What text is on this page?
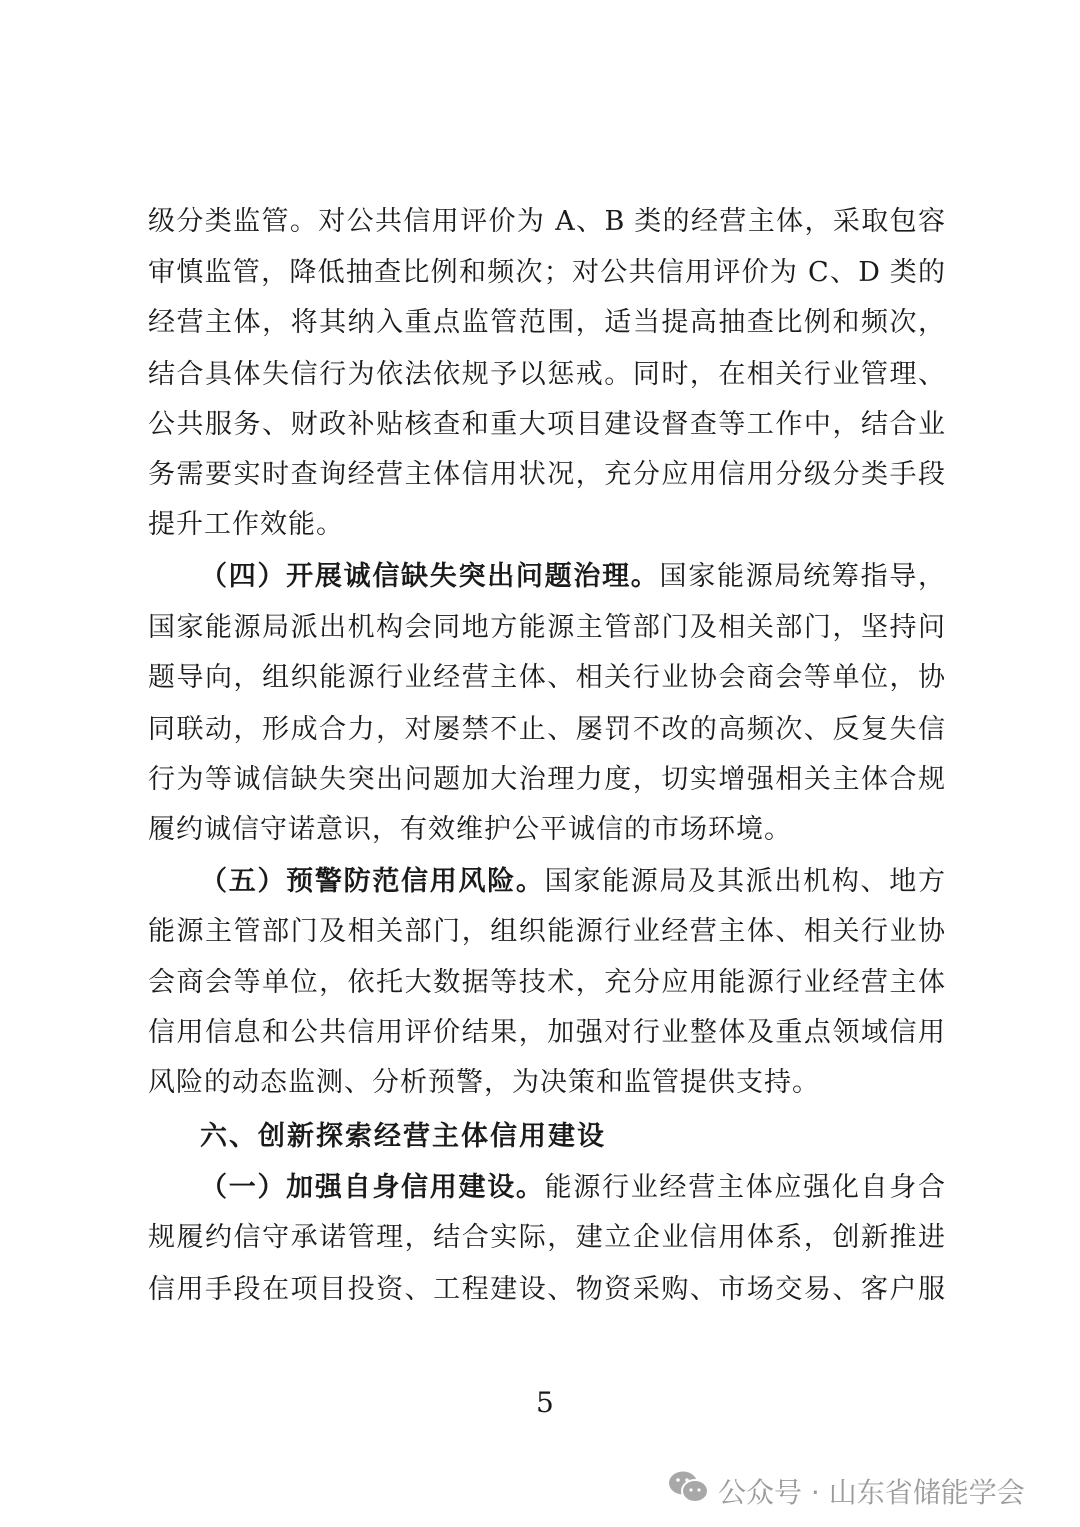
级分类监管。对公共信用评价为 A、B 类的经营主体，采取包容
审慎监管，降低抽查比例和频次；对公共信用评价为 C、D 类的
经营主体，将其纳入重点监管范围，适当提高抽查比例和频次，
结合具体失信行为依法依规予以惩戒。同时，在相关行业管理、
公共服务、财政补贴核查和重大项目建设督查等工作中，结合业
务需要实时查询经营主体信用状况，充分应用信用分级分类手段
提升工作效能。
（四）开展诚信缺失突出问题治理。国家能源局统筹指导，
国家能源局派出机构会同地方能源主管部门及相关部门，坚持问
题导向，组织能源行业经营主体、相关行业协会商会等单位，协
同联动，形成合力，对屡禁不止、屡罚不改的高频次、反复失信
行为等诚信缺失突出问题加大治理力度，切实增强相关主体合规
履约诚信守诺意识，有效维护公平诚信的市场环境。
（五）预警防范信用风险。国家能源局及其派出机构、地方
能源主管部门及相关部门，组织能源行业经营主体、相关行业协
会商会等单位，依托大数据等技术，充分应用能源行业经营主体
信用信息和公共信用评价结果，加强对行业整体及重点领域信用
风险的动态监测、分析预警，为决策和监管提供支持。
六、创新探索经营主体信用建设
（一）加强自身信用建设。能源行业经营主体应强化自身合
规履约信守承诺管理，结合实际，建立企业信用体系，创新推进
信用手段在项目投资、工程建设、物资采购、市场交易、客户服
5
公众号 · 山东省储能学会
